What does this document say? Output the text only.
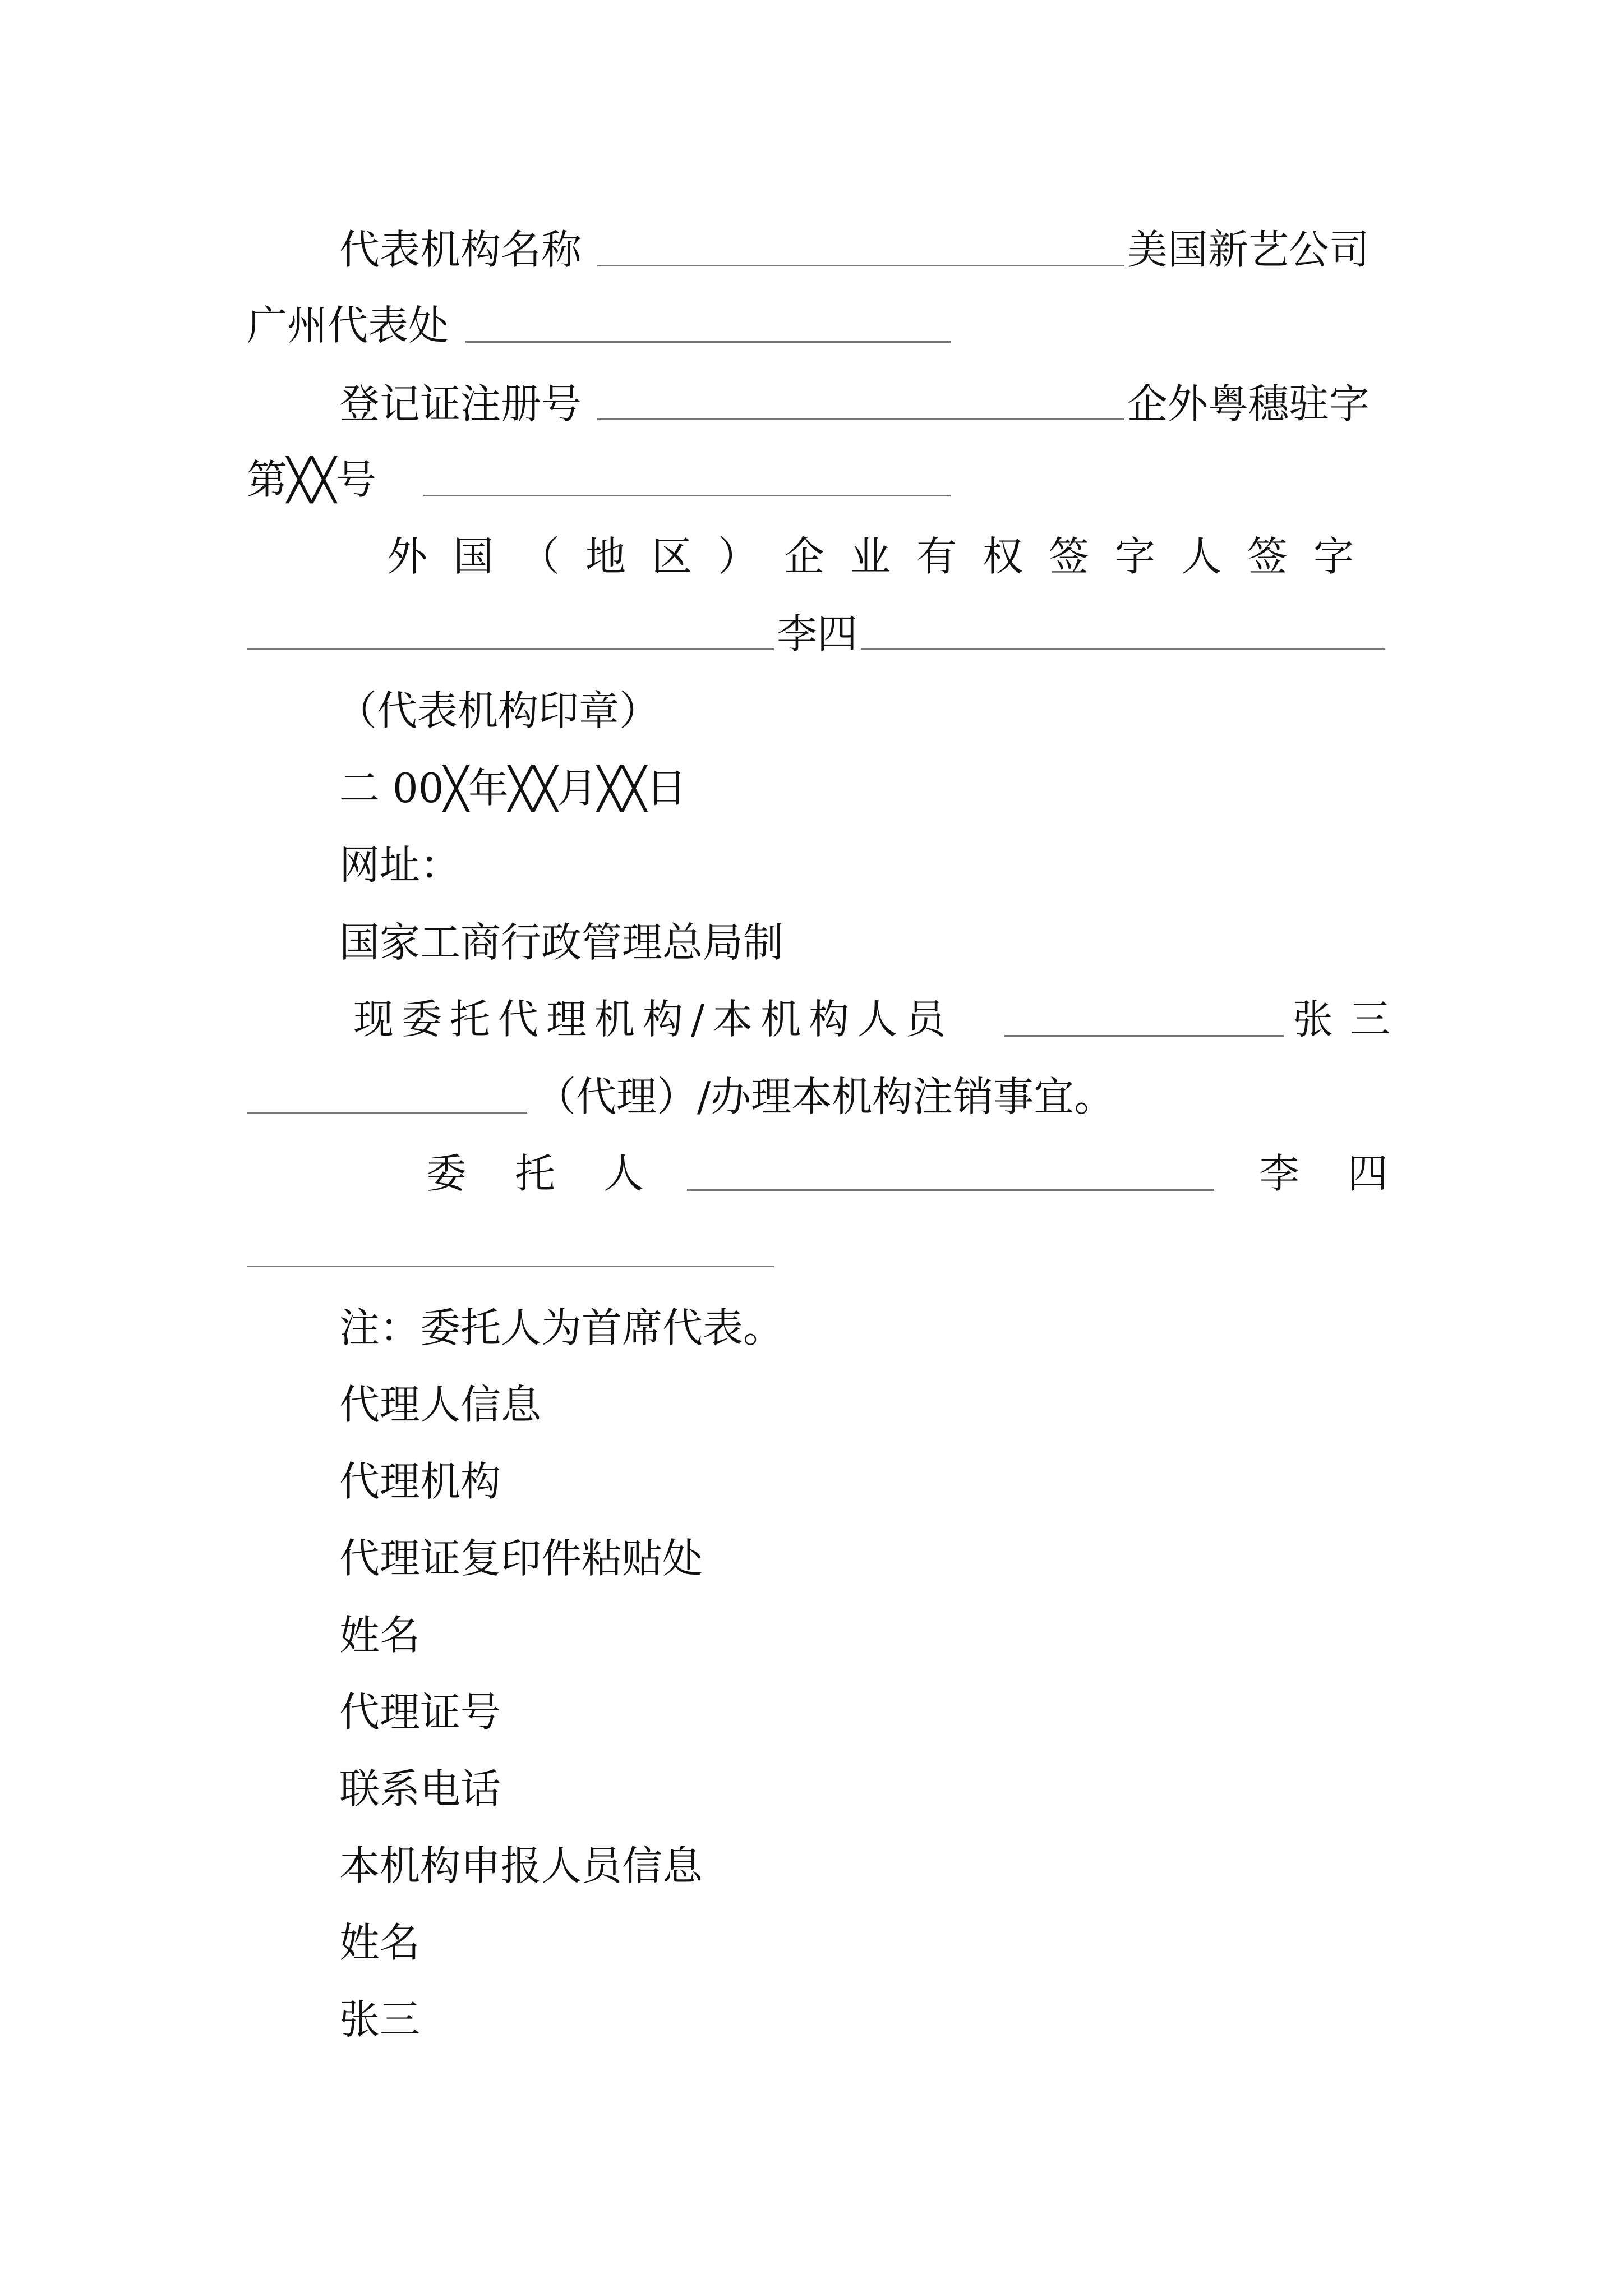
代表机构名称	美国新艺公司
广州代表处
登记证注册号	企外粤穗驻字
第╳╳号
外国（地区）企业有权签字人签字
李四
（代表机构印章）
二 00╳年╳╳月╳╳日
网址：
国家工商行政管理总局制
现委托代理机构/本机构人员	张三
（代理）/办理本机构注销事宜。
委托人	李四
注：委托人为首席代表。
代理人信息
代理机构
代理证复印件粘贴处
姓名
代理证号
联系电话
本机构申报人员信息
姓名
张三
